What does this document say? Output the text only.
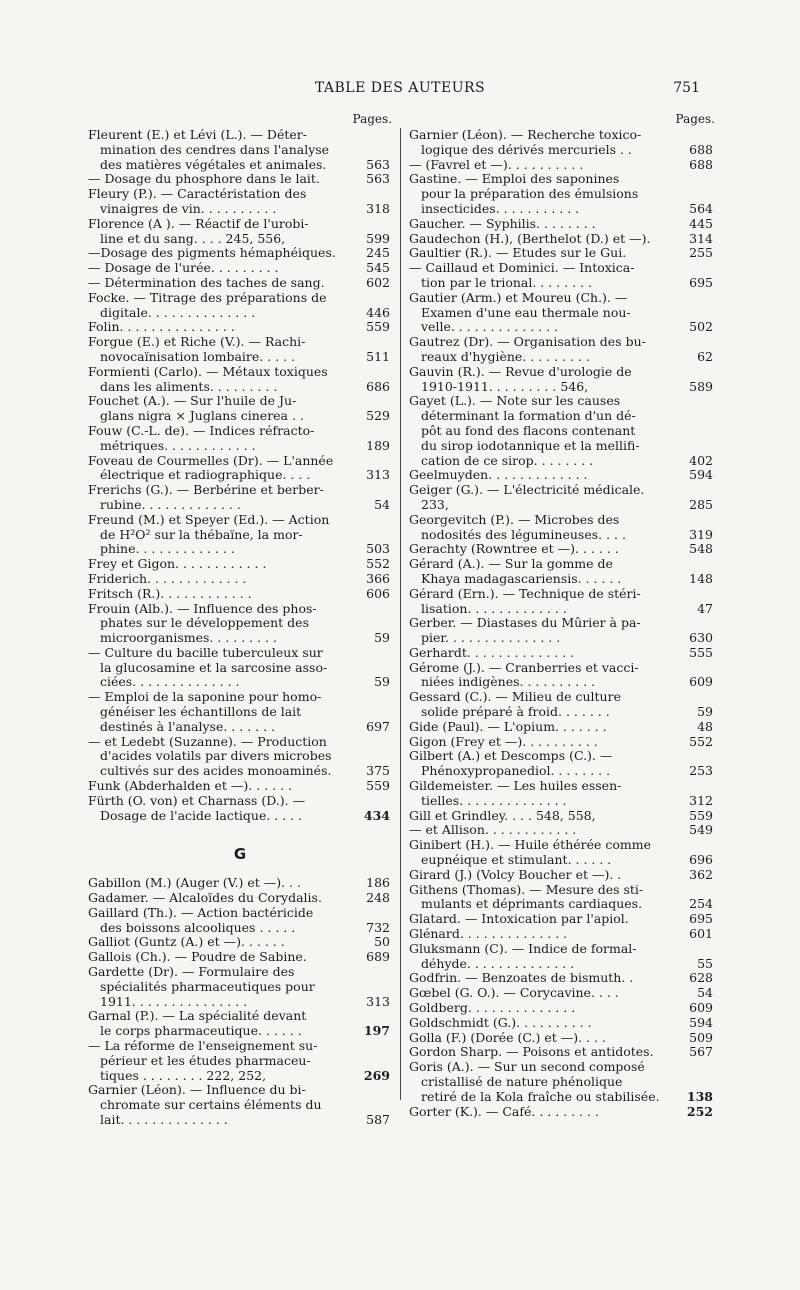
TABLE DES AUTEURS	751
Pages.
Fleurent (E.) et Lévi (L.). — Déter-
mination des cendres dans l'analyse
des matières végétales et animales.	563
— Dosage du phosphore dans le lait.	563
Fleury (P.). — Caractéristation des
vinaigres de vin. . . . . . . . . .	318
Florence (A ). — Réactif de l'urobi-
line et du sang. . . . 245, 556,	599
—Dosage des pigments hémaphéiques.	245
— Dosage de l'urée. . . . . . . . .	545
— Détermination des taches de sang.	602
Focke. — Titrage des préparations de
digitale. . . . . . . . . . . . . .	446
Folin. . . . . . . . . . . . . . .	559
Forgue (E.) et Riche (V.). — Rachi-
novocaïnisation lombaire. . . . .	511
Formienti (Carlo). — Métaux toxiques
dans les aliments. . . . . . . . .	686
Fouchet (A.). — Sur l'huile de Ju-
glans nigra × Juglans cinerea . .	529
Fouw (C.-L. de). — Indices réfracto-
métriques. . . . . . . . . . . .	189
Foveau de Courmelles (Dr). — L'année
électrique et radiographique. . . .	313
Frerichs (G.). — Berbérine et berber-
rubine. . . . . . . . . . . . .	54
Freund (M.) et Speyer (Ed.). — Action
de H²O² sur la thébaïne, la mor-
phine. . . . . . . . . . . . .	503
Frey et Gigon. . . . . . . . . . . .	552
Friderich. . . . . . . . . . . . .	366
Fritsch (R.). . . . . . . . . . . .	606
Frouin (Alb.). — Influence des phos-
phates sur le développement des
microorganismes. . . . . . . . .	59
— Culture du bacille tuberculeux sur
la glucosamine et la sarcosine asso-
ciées. . . . . . . . . . . . . .	59
— Emploi de la saponine pour homo-
généiser les échantillons de lait
destinés à l'analyse. . . . . . .	697
— et Ledebt (Suzanne). — Production
d'acides volatils par divers microbes
cultivés sur des acides monoaminés.	375
Funk (Abderhalden et —). . . . . .	559
Fürth (O. von) et Charnass (D.). —
Dosage de l'acide lactique. . . . .	434
G
Gabillon (M.) (Auger (V.) et —). . .	186
Gadamer. — Alcaloïdes du Corydalis.	248
Gaillard (Th.). — Action bactéricide
des boissons alcooliques . . . . .	732
Galliot (Guntz (A.) et —). . . . . .	50
Gallois (Ch.). — Poudre de Sabine.	689
Gardette (Dr). — Formulaire des
spécialités pharmaceutiques pour
1911. . . . . . . . . . . . . . .	313
Garnal (P.). — La spécialité devant
le corps pharmaceutique. . . . . .	197
— La réforme de l'enseignement su-
périeur et les études pharmaceu-
tiques . . . . . . . . 222, 252,	269
Garnier (Léon). — Influence du bi-
chromate sur certains éléments du
lait. . . . . . . . . . . . . .	587
Pages.
Garnier (Léon). — Recherche toxico-
logique des dérivés mercuriels . .	688
— (Favrel et —). . . . . . . . . .	688
Gastine. — Emploi des saponines
pour la préparation des émulsions
insecticides. . . . . . . . . . .	564
Gaucher. — Syphilis. . . . . . . .	445
Gaudechon (H.), (Berthelot (D.) et —).	314
Gaultier (R.). — Etudes sur le Gui.	255
— Caillaud et Dominici. — Intoxica-
tion par le trional. . . . . . . .	695
Gautier (Arm.) et Moureu (Ch.). —
Examen d'une eau thermale nou-
velle. . . . . . . . . . . . . .	502
Gautrez (Dr). — Organisation des bu-
reaux d'hygiène. . . . . . . . .	62
Gauvin (R.). — Revue d'urologie de
1910-1911. . . . . . . . . 546,	589
Gayet (L.). — Note sur les causes
déterminant la formation d'un dé-
pôt au fond des flacons contenant
du sirop iodotannique et la mellifi-
cation de ce sirop. . . . . . . .	402
Geelmuyden. . . . . . . . . . . . .	594
Geiger (G.). — L'électricité médicale.
233,	285
Georgevitch (P.). — Microbes des
nodosités des légumineuses. . . .	319
Gerachty (Rowntree et —). . . . . .	548
Gérard (A.). — Sur la gomme de
Khaya madagascariensis. . . . . .	148
Gérard (Ern.). — Technique de stéri-
lisation. . . . . . . . . . . . .	47
Gerber. — Diastases du Mûrier à pa-
pier. . . . . . . . . . . . . . .	630
Gerhardt. . . . . . . . . . . . . .	555
Gérome (J.). — Cranberries et vacci-
niées indigènes. . . . . . . . . .	609
Gessard (C.). — Milieu de culture
solide préparé à froid. . . . . . .	59
Gide (Paul). — L'opium. . . . . . .	48
Gigon (Frey et —). . . . . . . . . .	552
Gilbert (A.) et Descomps (C.). —
Phénoxypropanediol. . . . . . . .	253
Gildemeister. — Les huiles essen-
tielles. . . . . . . . . . . . . .	312
Gill et Grindley. . . . 548, 558,	559
— et Allison. . . . . . . . . . . .	549
Ginibert (H.). — Huile éthérée comme
eupnéique et stimulant. . . . . .	696
Girard (J.) (Volcy Boucher et —). .	362
Githens (Thomas). — Mesure des sti-
mulants et déprimants cardiaques.	254
Glatard. — Intoxication par l'apiol.	695
Glénard. . . . . . . . . . . . . .	601
Gluksmann (C). — Indice de formal-
déhyde. . . . . . . . . . . . . .	55
Godfrin. — Benzoates de bismuth. .	628
Gœbel (G. O.). — Corycavine. . . .	54
Goldberg. . . . . . . . . . . . . .	609
Goldschmidt (G.). . . . . . . . . .	594
Golla (F.) (Dorée (C.) et —). . . .	509
Gordon Sharp. — Poisons et antidotes.	567
Goris (A.). — Sur un second composé
cristallisé de nature phénolique
retiré de la Kola fraîche ou stabilisée.	138
Gorter (K.). — Café. . . . . . . . .	252
